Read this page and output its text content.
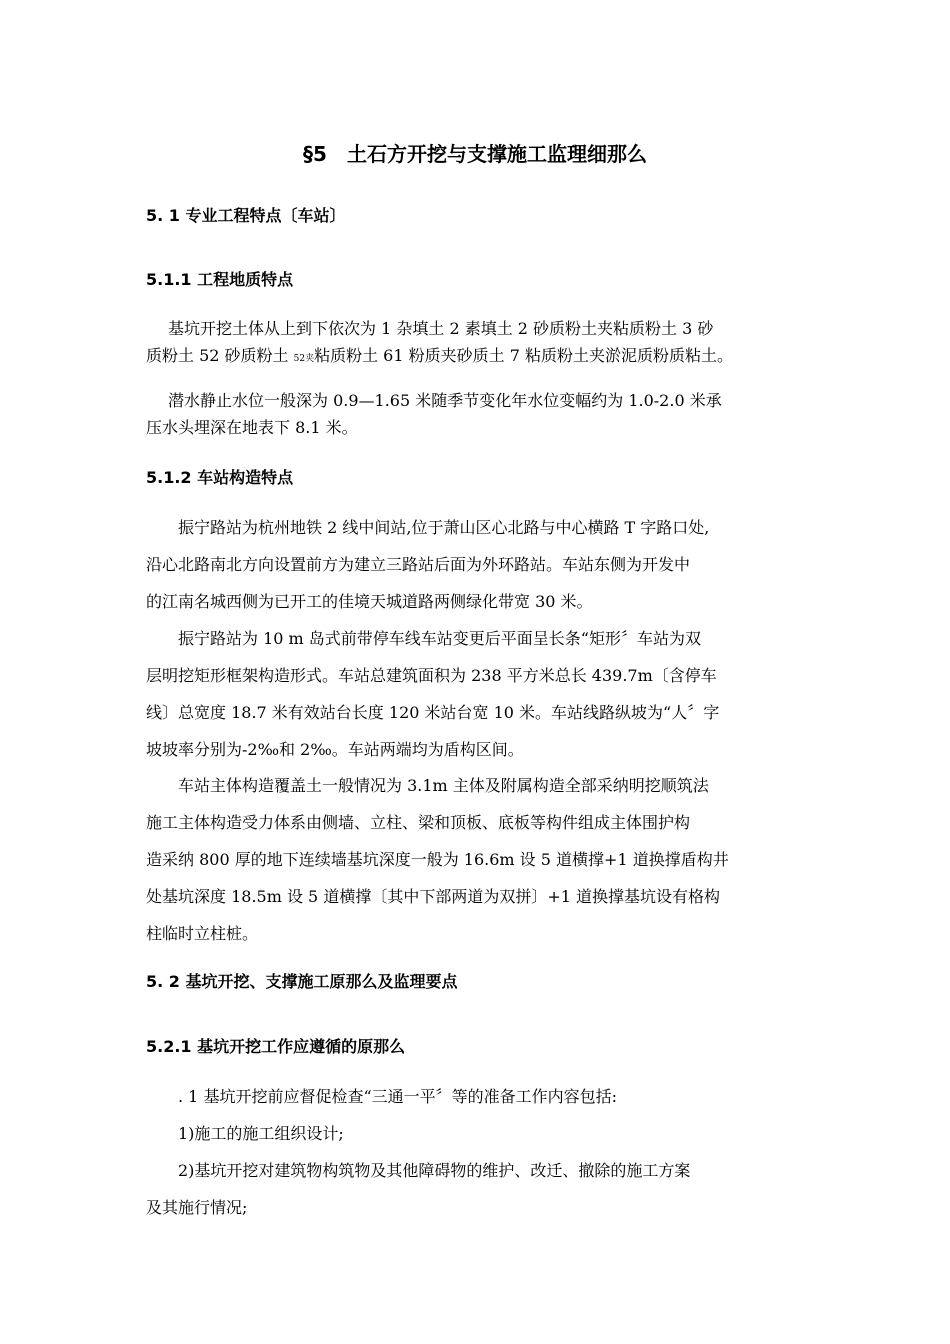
§5　土石方开挖与支撑施工监理细那么
5. 1 专业工程特点〔车站〕
5.1.1 工程地质特点
基坑开挖土体从上到下依次为 1 杂填土 2 素填土 2 砂质粉土夹粘质粉土 3 砂
质粉土 52 砂质粉土 52夹粘质粉土 61 粉质夹砂质土 7 粘质粉土夹淤泥质粉质粘土。
潜水静止水位一般深为 0.9—1.65 米随季节变化年水位变幅约为 1.0-2.0 米承
压水头埋深在地表下 8.1 米。
5.1.2 车站构造特点
振宁路站为杭州地铁 2 线中间站,位于萧山区心北路与中心横路 T 字路口处,
沿心北路南北方向设置前方为建立三路站后面为外环路站。车站东侧为开发中
的江南名城西侧为已开工的佳境天城道路两侧绿化带宽 30 米。
振宁路站为 10 m 岛式前带停车线车站变更后平面呈长条“矩形〞车站为双
层明挖矩形框架构造形式。车站总建筑面积为 238 平方米总长 439.7m〔含停车
线〕总宽度 18.7 米有效站台长度 120 米站台宽 10 米。车站线路纵坡为“人〞字
坡坡率分别为-2‰和 2‰。车站两端均为盾构区间。
车站主体构造覆盖土一般情况为 3.1m 主体及附属构造全部采纳明挖顺筑法
施工主体构造受力体系由侧墙、立柱、梁和顶板、底板等构件组成主体围护构
造采纳 800 厚的地下连续墙基坑深度一般为 16.6m 设 5 道横撑+1 道换撑盾构井
处基坑深度 18.5m 设 5 道横撑〔其中下部两道为双拼〕+1 道换撑基坑设有格构
柱临时立柱桩。
5. 2 基坑开挖、支撑施工原那么及监理要点
5.2.1 基坑开挖工作应遵循的原那么
. 1 基坑开挖前应督促检查“三通一平〞等的准备工作内容包括:
1)施工的施工组织设计;
2)基坑开挖对建筑物构筑物及其他障碍物的维护、改迁、撤除的施工方案
及其施行情况;
